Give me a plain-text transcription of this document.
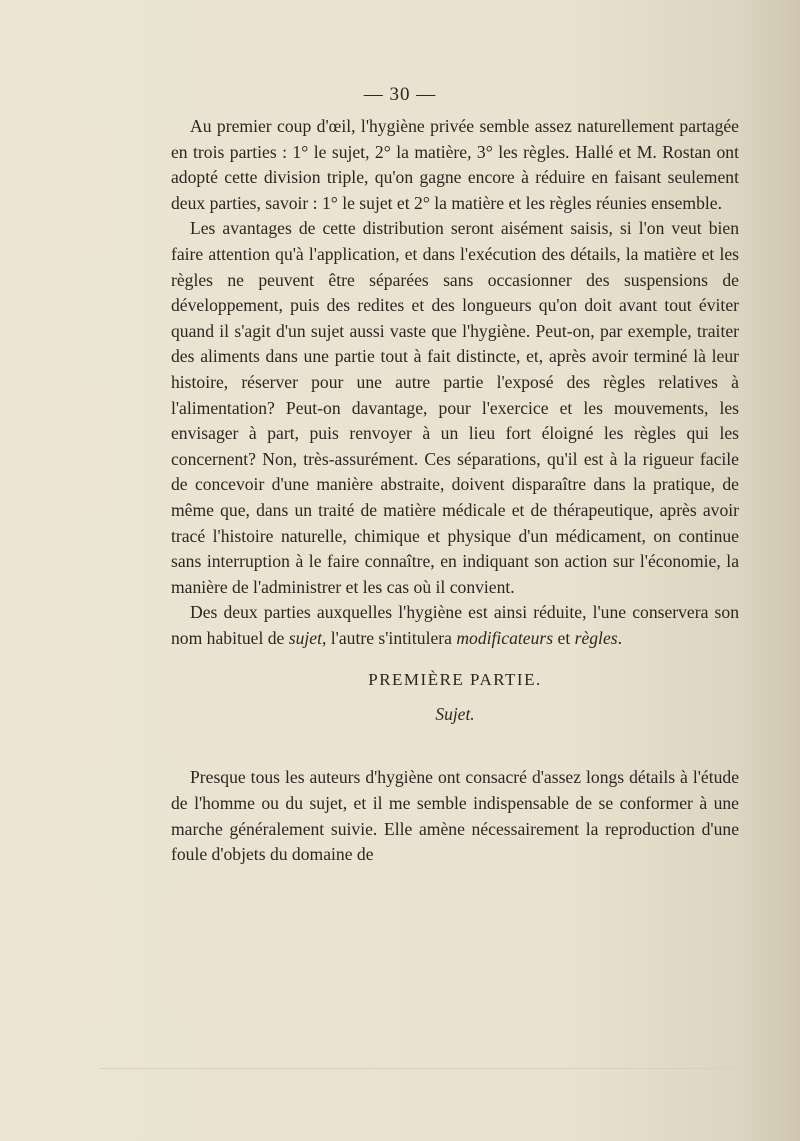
— 30 —

Au premier coup d'œil, l'hygiène privée semble assez naturellement partagée en trois parties : 1° le sujet, 2° la matière, 3° les règles. Hallé et M. Rostan ont adopté cette division triple, qu'on gagne encore à réduire en faisant seulement deux parties, savoir : 1° le sujet et 2° la matière et les règles réunies ensemble.

Les avantages de cette distribution seront aisément saisis, si l'on veut bien faire attention qu'à l'application, et dans l'exécution des détails, la matière et les règles ne peuvent être séparées sans occasionner des suspensions de développement, puis des redites et des longueurs qu'on doit avant tout éviter quand il s'agit d'un sujet aussi vaste que l'hygiène. Peut-on, par exemple, traiter des aliments dans une partie tout à fait distincte, et, après avoir terminé là leur histoire, réserver pour une autre partie l'exposé des règles relatives à l'alimentation? Peut-on davantage, pour l'exercice et les mouvements, les envisager à part, puis renvoyer à un lieu fort éloigné les règles qui les concernent? Non, très-assurément. Ces séparations, qu'il est à la rigueur facile de concevoir d'une manière abstraite, doivent disparaître dans la pratique, de même que, dans un traité de matière médicale et de thérapeutique, après avoir tracé l'histoire naturelle, chimique et physique d'un médicament, on continue sans interruption à le faire connaître, en indiquant son action sur l'économie, la manière de l'administrer et les cas où il convient.

Des deux parties auxquelles l'hygiène est ainsi réduite, l'une conservera son nom habituel de sujet, l'autre s'intitulera modificateurs et règles.

PREMIÈRE PARTIE.
Sujet.

Presque tous les auteurs d'hygiène ont consacré d'assez longs détails à l'étude de l'homme ou du sujet, et il me semble indispensable de se conformer à une marche généralement suivie. Elle amène nécessairement la reproduction d'une foule d'objets du domaine de
